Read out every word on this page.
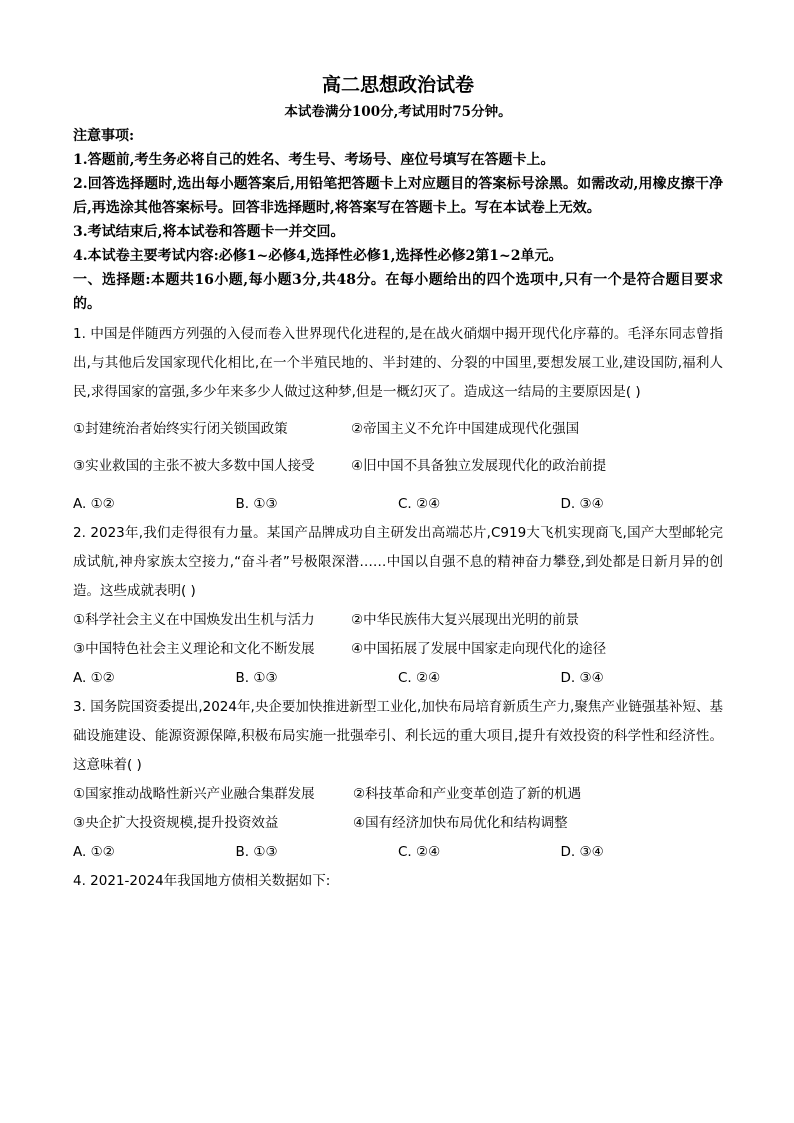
高二思想政治试卷
本试卷满分100分,考试用时75分钟。
注意事项:
1.答题前,考生务必将自己的姓名、考生号、考场号、座位号填写在答题卡上。
2.回答选择题时,选出每小题答案后,用铅笔把答题卡上对应题目的答案标号涂黑。如需改动,用橡皮擦干净后,再选涂其他答案标号。回答非选择题时,将答案写在答题卡上。写在本试卷上无效。
3.考试结束后,将本试卷和答题卡一并交回。
4.本试卷主要考试内容:必修1~必修4,选择性必修1,选择性必修2第1~2单元。
一、选择题:本题共16小题,每小题3分,共48分。在每小题给出的四个选项中,只有一个是符合题目要求的。
1. 中国是伴随西方列强的入侵而卷入世界现代化进程的,是在战火硝烟中揭开现代化序幕的。毛泽东同志曾指出,与其他后发国家现代化相比,在一个半殖民地的、半封建的、分裂的中国里,要想发展工业,建设国防,福利人民,求得国家的富强,多少年来多少人做过这种梦,但是一概幻灭了。造成这一结局的主要原因是( )
①封建统治者始终实行闭关锁国政策	②帝国主义不允许中国建成现代化强国
③实业救国的主张不被大多数中国人接受	④旧中国不具备独立发展现代化的政治前提
A. ①②	B. ①③	C. ②④	D. ③④
2. 2023年,我们走得很有力量。某国产品牌成功自主研发出高端芯片,C919大飞机实现商飞,国产大型邮轮完成试航,神舟家族太空接力,“奋斗者”号极限深潜……中国以自强不息的精神奋力攀登,到处都是日新月异的创造。这些成就表明( )
①科学社会主义在中国焕发出生机与活力	②中华民族伟大复兴展现出光明的前景
③中国特色社会主义理论和文化不断发展	④中国拓展了发展中国家走向现代化的途径
A. ①②	B. ①③	C. ②④	D. ③④
3. 国务院国资委提出,2024年,央企要加快推进新型工业化,加快布局培育新质生产力,聚焦产业链强基补短、基础设施建设、能源资源保障,积极布局实施一批强牵引、利长远的重大项目,提升有效投资的科学性和经济性。这意味着( )
①国家推动战略性新兴产业融合集群发展	②科技革命和产业变革创造了新的机遇
③央企扩大投资规模,提升投资效益	④国有经济加快布局优化和结构调整
A. ①②	B. ①③	C. ②④	D. ③④
4. 2021-2024年我国地方债相关数据如下:
